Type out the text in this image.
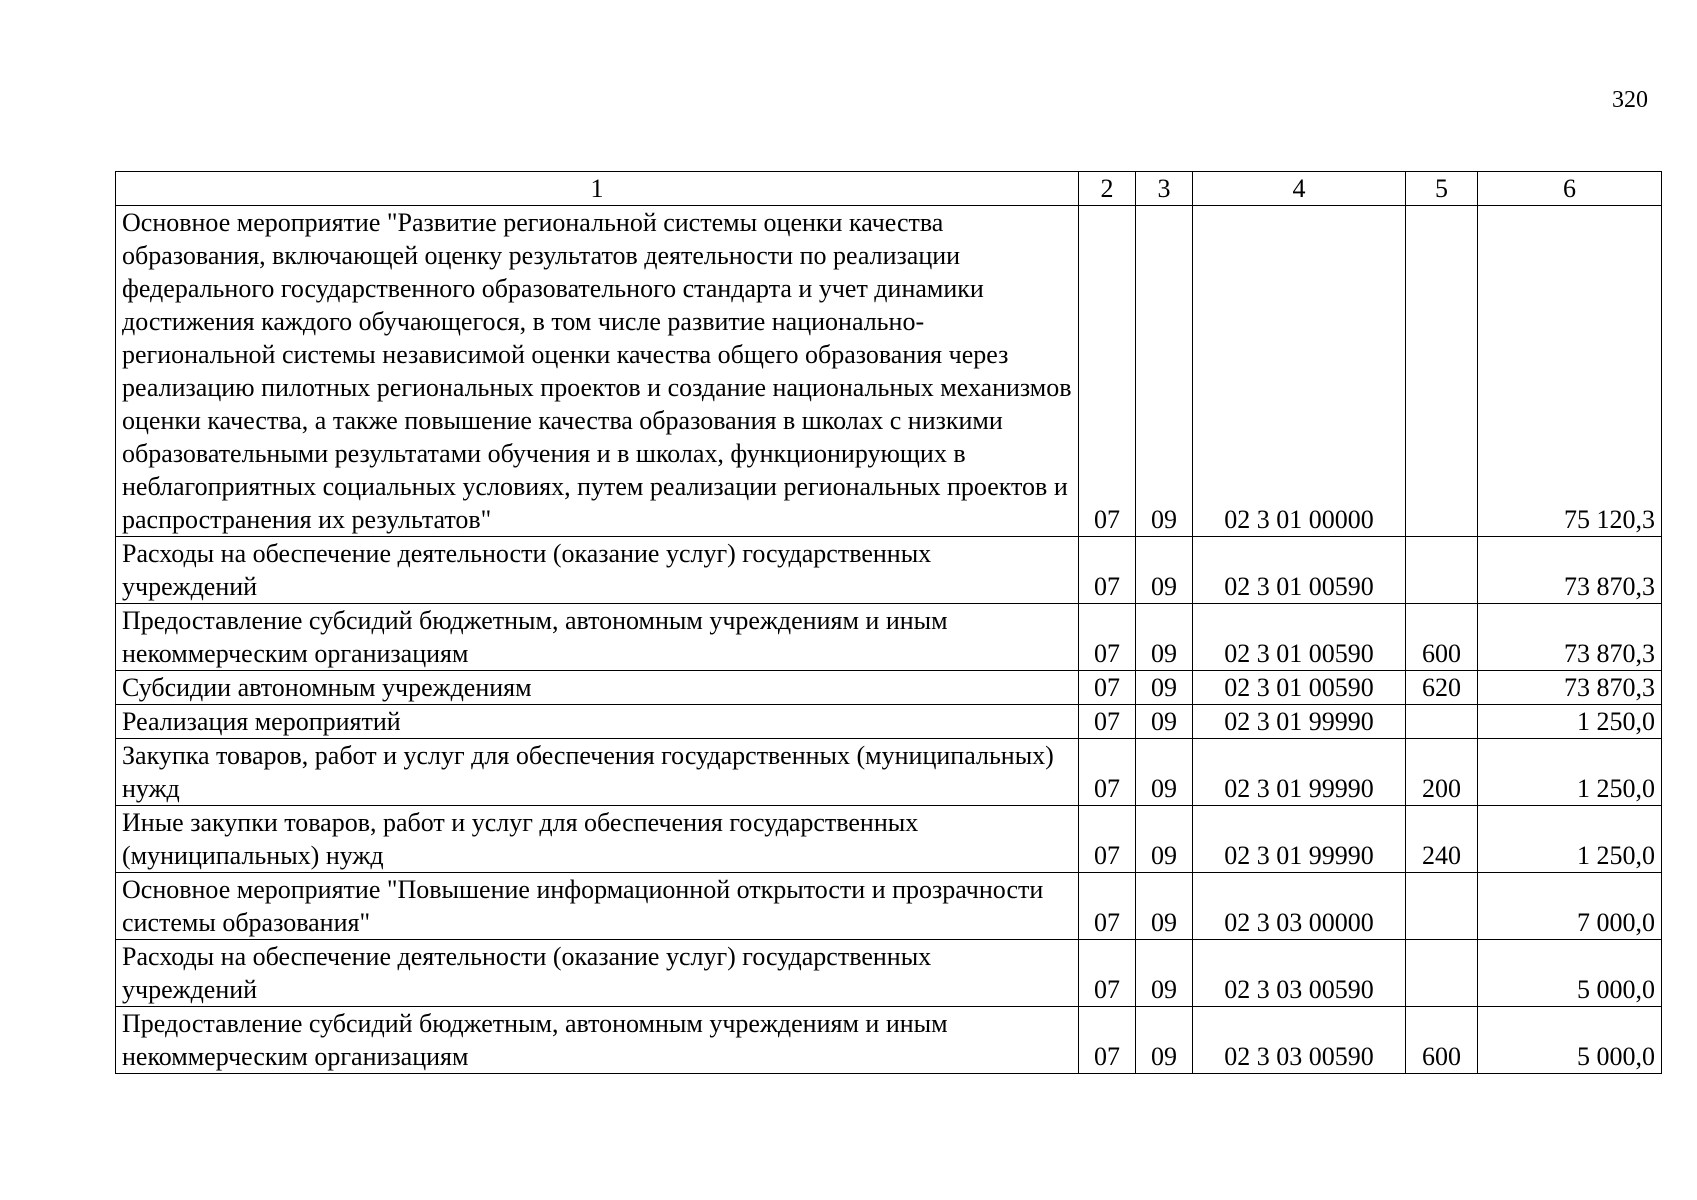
320
1	2	3	4	5	6
Основное мероприятие "Развитие региональной системы оценки качества образования, включающей оценку результатов деятельности по реализации федерального государственного образовательного стандарта и учет динамики достижения каждого обучающегося, в том числе развитие национально-региональной системы независимой оценки качества общего образования через реализацию пилотных региональных проектов и создание национальных механизмов оценки качества, а также повышение качества образования в школах с низкими образовательными результатами обучения и в школах, функционирующих в неблагоприятных социальных условиях, путем реализации региональных проектов и распространения их результатов"	07	09	02 3 01 00000		75 120,3
Расходы на обеспечение деятельности (оказание услуг) государственных учреждений	07	09	02 3 01 00590		73 870,3
Предоставление субсидий бюджетным, автономным учреждениям и иным некоммерческим организациям	07	09	02 3 01 00590	600	73 870,3
Субсидии автономным учреждениям	07	09	02 3 01 00590	620	73 870,3
Реализация мероприятий	07	09	02 3 01 99990		1 250,0
Закупка товаров, работ и услуг для обеспечения государственных (муниципальных) нужд	07	09	02 3 01 99990	200	1 250,0
Иные закупки товаров, работ и услуг для обеспечения государственных (муниципальных) нужд	07	09	02 3 01 99990	240	1 250,0
Основное мероприятие "Повышение информационной открытости и прозрачности системы образования"	07	09	02 3 03 00000		7 000,0
Расходы на обеспечение деятельности (оказание услуг) государственных учреждений	07	09	02 3 03 00590		5 000,0
Предоставление субсидий бюджетным, автономным учреждениям и иным некоммерческим организациям	07	09	02 3 03 00590	600	5 000,0
